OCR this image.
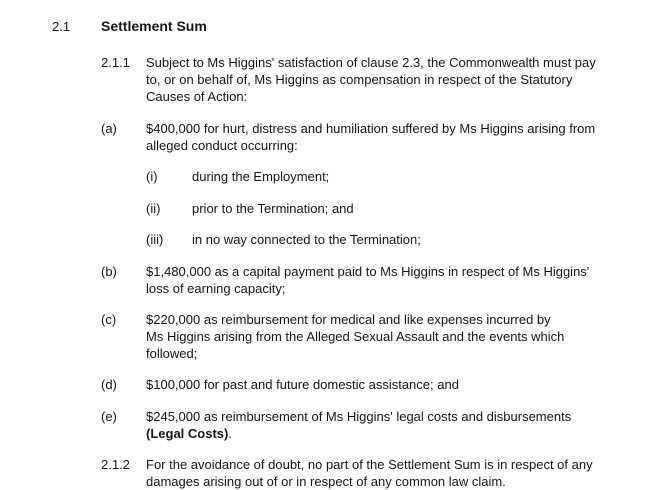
2.1 Settlement Sum
2.1.1 Subject to Ms Higgins' satisfaction of clause 2.3, the Commonwealth must pay
to, or on behalf of, Ms Higgins as compensation in respect of the Statutory
Causes of Action:
(a) $400,000 for hurt, distress and humiliation suffered by Ms Higgins arising from
alleged conduct occurring:
(i)	during the Employment;
(ii) prior to the Termination; and
(iii) in no way connected to the Termination;
(b) $1,480,000 as a capital payment paid to Ms Higgins in respect of Ms Higgins'
loss of earning capacity;
(c) $220,000 as reimbursement for medical and like expenses incurred by
Ms Higgins arising from the Alleged Sexual Assault and the events which
followed;
(d) $100,000 for past and future domestic assistance; and
(e) $245,000 as reimbursement of Ms Higgins' legal costs and disbursements
(Legal Costs).
2.1.2 For the avoidance of doubt, no part of the Settlement Sum is in respect of any
damages arising out of or in respect of any common law claim.
